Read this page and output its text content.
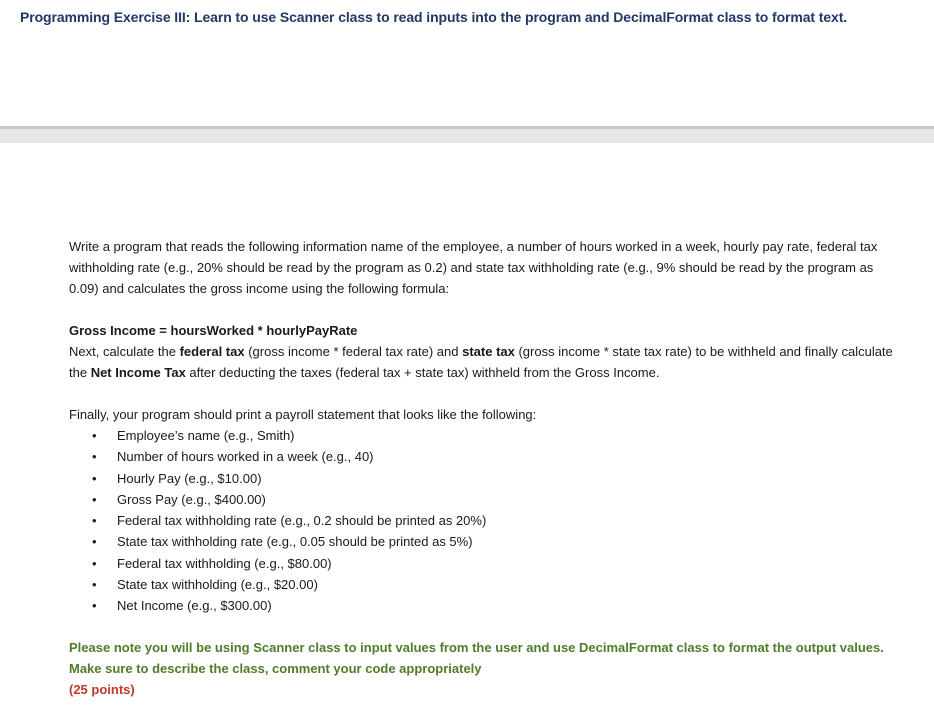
Programming Exercise III: Learn to use Scanner class to read inputs into the program and DecimalFormat class to format text.

Write a program that reads the following information name of the employee, a number of hours worked in a week, hourly pay rate, federal tax withholding rate (e.g., 20% should be read by the program as 0.2) and state tax withholding rate (e.g., 9% should be read by the program as 0.09) and calculates the gross income using the following formula:

Gross Income = hoursWorked * hourlyPayRate

Next, calculate the federal tax (gross income * federal tax rate) and state tax (gross income * state tax rate) to be withheld and finally calculate the Net Income Tax after deducting the taxes (federal tax + state tax) withheld from the Gross Income.

Finally, your program should print a payroll statement that looks like the following:

• Employee’s name (e.g., Smith)
• Number of hours worked in a week (e.g., 40)
• Hourly Pay (e.g., $10.00)
• Gross Pay (e.g., $400.00)
• Federal tax withholding rate (e.g., 0.2 should be printed as 20%)
• State tax withholding rate (e.g., 0.05 should be printed as 5%)
• Federal tax withholding (e.g., $80.00)
• State tax withholding (e.g., $20.00)
• Net Income (e.g., $300.00)

Please note you will be using Scanner class to input values from the user and use DecimalFormat class to format the output values.

Make sure to describe the class, comment your code appropriately

(25 points)
